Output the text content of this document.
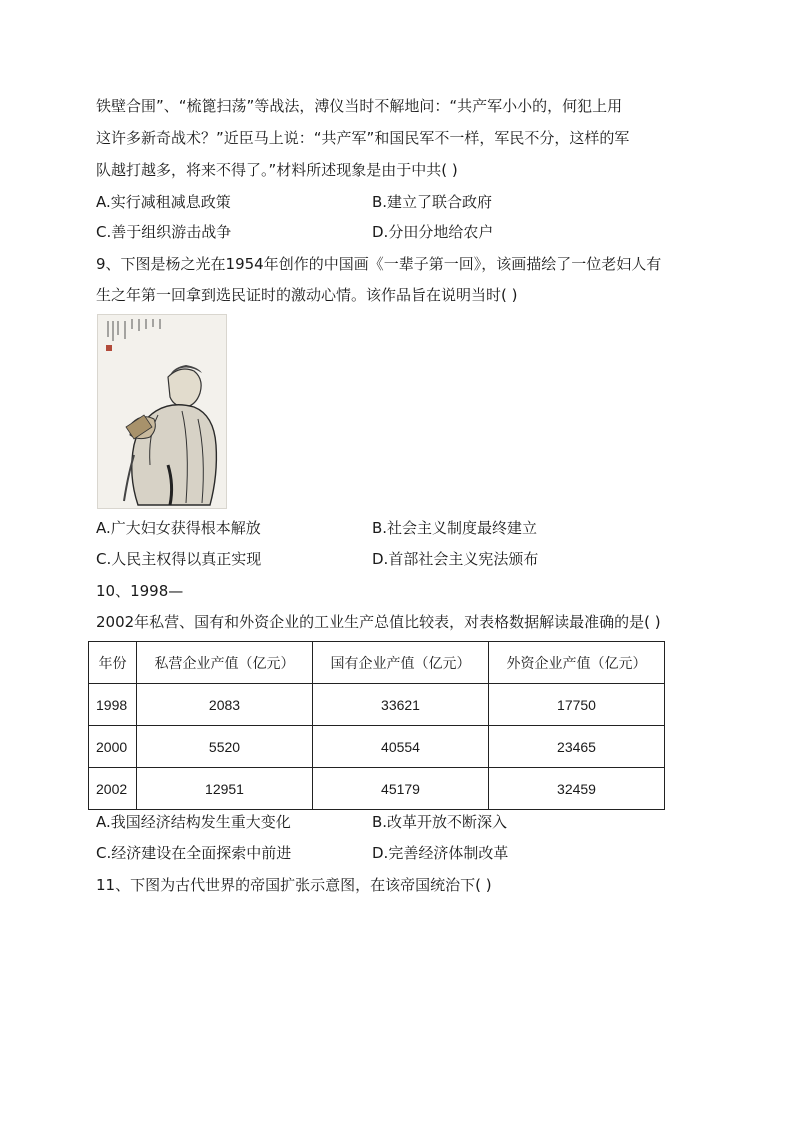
铁壁合围”、“梳篦扫荡”等战法，溥仪当时不解地问：“共产军小小的，何犯上用
这许多新奇战术？”近臣马上说：“共产军”和国民军不一样，军民不分，这样的军
队越打越多，将来不得了。”材料所述现象是由于中共( )
A.实行减租减息政策	B.建立了联合政府
C.善于组织游击战争	D.分田分地给农户
9、下图是杨之光在1954年创作的中国画《一辈子第一回》，该画描绘了一位老妇人有
生之年第一回拿到选民证时的激动心情。该作品旨在说明当时( )
A.广大妇女获得根本解放	B.社会主义制度最终建立
C.人民主权得以真正实现	D.首部社会主义宪法颁布
10、1998—
2002年私营、国有和外资企业的工业生产总值比较表，对表格数据解读最准确的是( )
年份	私营企业产值（亿元）	国有企业产值（亿元）	外资企业产值（亿元）
1998	2083	33621	17750
2000	5520	40554	23465
2002	12951	45179	32459
A.我国经济结构发生重大变化	B.改革开放不断深入
C.经济建设在全面探索中前进	D.完善经济体制改革
11、下图为古代世界的帝国扩张示意图，在该帝国统治下( )
